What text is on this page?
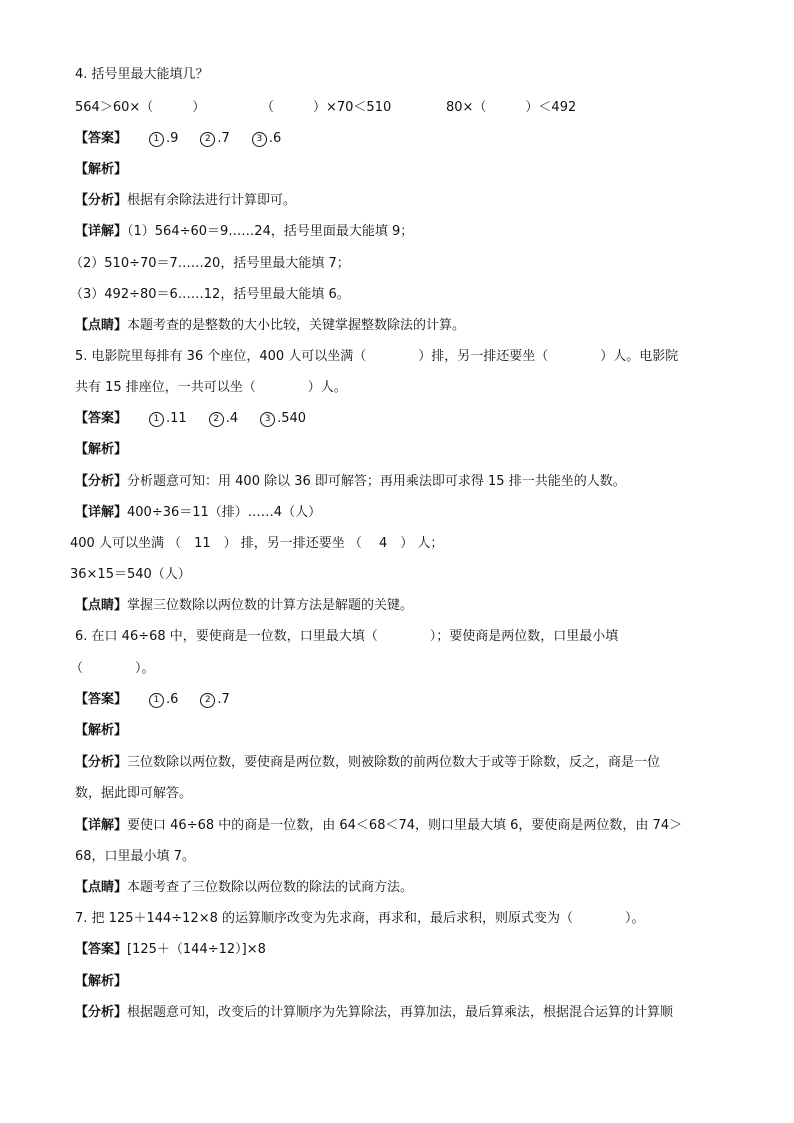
4. 括号里最大能填几？
564＞60×（　　　）	（　　　）×70＜510	80×（　　　）＜492
【答案】	1 .9	2 .7	3 .6
【解析】
【分析】根据有余除法进行计算即可。
【详解】（1）564÷60＝9……24，括号里面最大能填 9；
（2）510÷70＝7……20，括号里最大能填 7；
（3）492÷80＝6……12，括号里最大能填 6。
【点睛】本题考查的是整数的大小比较，关键掌握整数除法的计算。
5. 电影院里每排有 36 个座位，400 人可以坐满（　　　　）排，另一排还要坐（　　　　）人。电影院
共有 15 排座位，一共可以坐（　　　　）人。
【答案】	1 .11	2 .4	3 .540
【解析】
【分析】分析题意可知：用 400 除以 36 即可解答；再用乘法即可求得 15 排一共能坐的人数。
【详解】400÷36＝11（排）……4（人）
400 人可以坐满 （　11　） 排，另一排还要坐 （　 4　） 人；
36×15＝540（人）
【点睛】掌握三位数除以两位数的计算方法是解题的关键。
6. 在口 46÷68 中，要使商是一位数，口里最大填（　　　　）；要使商是两位数，口里最小填
（　　　　）。
【答案】	1 .6	2 .7
【解析】
【分析】三位数除以两位数，要使商是两位数，则被除数的前两位数大于或等于除数，反之，商是一位
数，据此即可解答。
【详解】要使口 46÷68 中的商是一位数，由 64＜68＜74，则口里最大填 6，要使商是两位数，由 74＞
68，口里最小填 7。
【点睛】本题考查了三位数除以两位数的除法的试商方法。
7. 把 125＋144÷12×8 的运算顺序改变为先求商，再求和，最后求积，则原式变为（　　　　）。
【答案】[125＋（144÷12）]×8
【解析】
【分析】根据题意可知，改变后的计算顺序为先算除法，再算加法，最后算乘法，根据混合运算的计算顺
